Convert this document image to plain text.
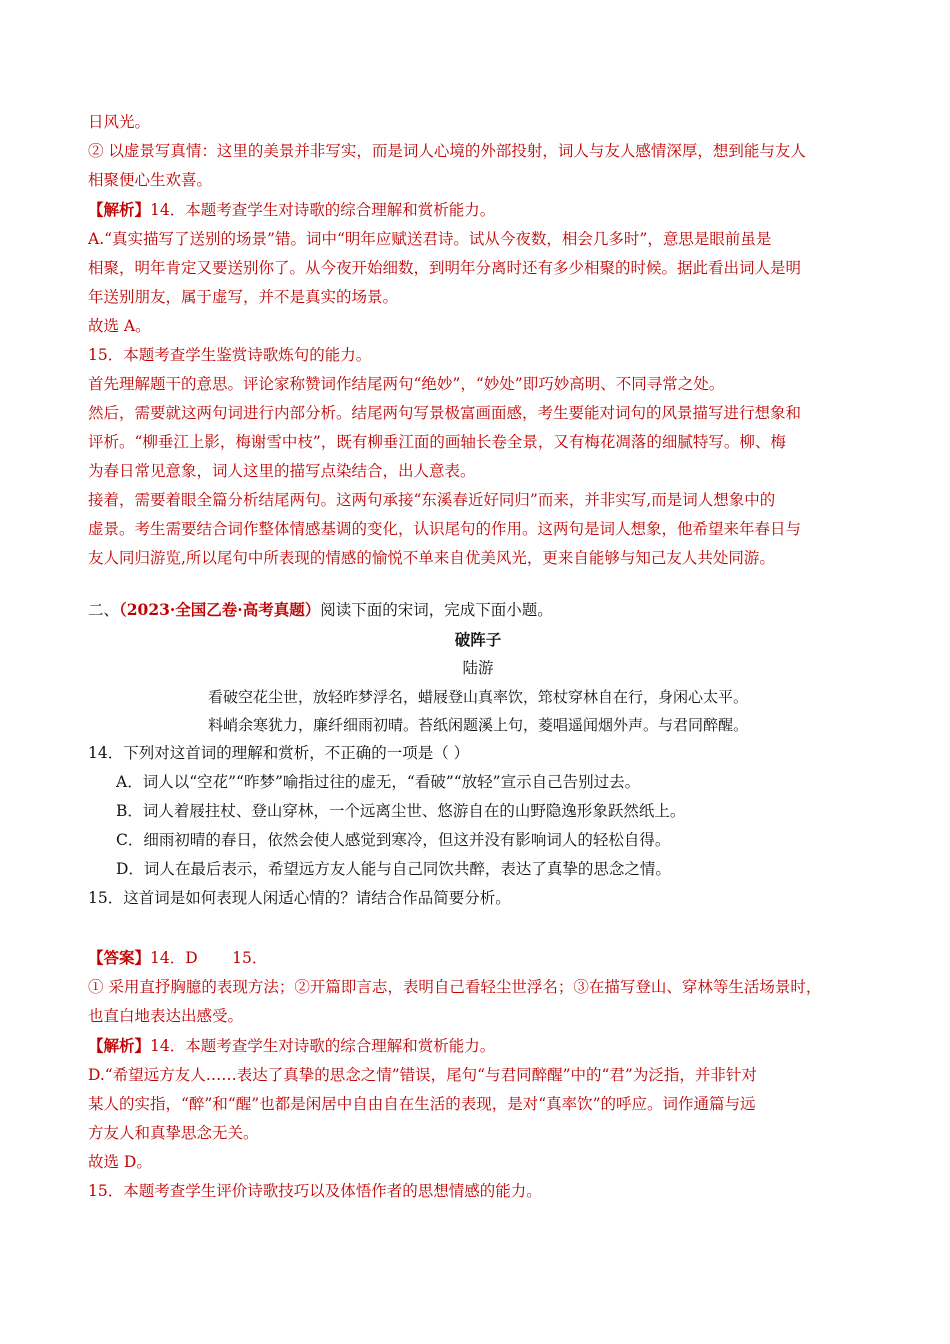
日风光。
② 以虚景写真情：这里的美景并非写实，而是词人心境的外部投射，词人与友人感情深厚，想到能与友人
相聚便心生欢喜。
【解析】14．本题考查学生对诗歌的综合理解和赏析能力。
A.“真实描写了送别的场景”错。词中“明年应赋送君诗。试从今夜数，相会几多时”，意思是眼前虽是
相聚，明年肯定又要送别你了。从今夜开始细数，到明年分离时还有多少相聚的时候。据此看出词人是明
年送别朋友，属于虚写，并不是真实的场景。
故选 A。
15．本题考查学生鉴赏诗歌炼句的能力。
首先理解题干的意思。评论家称赞词作结尾两句“绝妙”，“妙处”即巧妙高明、不同寻常之处。
然后，需要就这两句词进行内部分析。结尾两句写景极富画面感，考生要能对词句的风景描写进行想象和
评析。“柳垂江上影，梅谢雪中枝”，既有柳垂江面的画轴长卷全景，又有梅花凋落的细腻特写。柳、梅
为春日常见意象，词人这里的描写点染结合，出人意表。
接着，需要着眼全篇分析结尾两句。这两句承接“东溪春近好同归”而来，并非实写,而是词人想象中的
虚景。考生需要结合词作整体情感基调的变化，认识尾句的作用。这两句是词人想象，他希望来年春日与
友人同归游览,所以尾句中所表现的情感的愉悦不单来自优美风光，更来自能够与知己友人共处同游。
二、（2023·全国乙卷·高考真题）阅读下面的宋词，完成下面小题。
破阵子
陆游
看破空花尘世，放轻昨梦浮名，蜡屐登山真率饮，筇杖穿林自在行，身闲心太平。
料峭余寒犹力，廉纤细雨初晴。苔纸闲题溪上句，菱唱遥闻烟外声。与君同醉醒。
14．下列对这首词的理解和赏析，不正确的一项是（ ）
A．词人以“空花”“昨梦”喻指过往的虚无，“看破”“放轻”宣示自己告别过去。
B．词人着屐拄杖、登山穿林，一个远离尘世、悠游自在的山野隐逸形象跃然纸上。
C．细雨初晴的春日，依然会使人感觉到寒冷，但这并没有影响词人的轻松自得。
D．词人在最后表示，希望远方友人能与自己同饮共醉，表达了真挚的思念之情。
15．这首词是如何表现人闲适心情的？请结合作品简要分析。
【答案】14．D       15．
① 采用直抒胸臆的表现方法；②开篇即言志，表明自己看轻尘世浮名；③在描写登山、穿林等生活场景时，
也直白地表达出感受。
【解析】14．本题考查学生对诗歌的综合理解和赏析能力。
D.“希望远方友人……表达了真挚的思念之情”错误，尾句“与君同醉醒”中的“君”为泛指，并非针对
某人的实指，“醉”和“醒”也都是闲居中自由自在生活的表现，是对“真率饮”的呼应。词作通篇与远
方友人和真挚思念无关。
故选 D。
15．本题考查学生评价诗歌技巧以及体悟作者的思想情感的能力。
